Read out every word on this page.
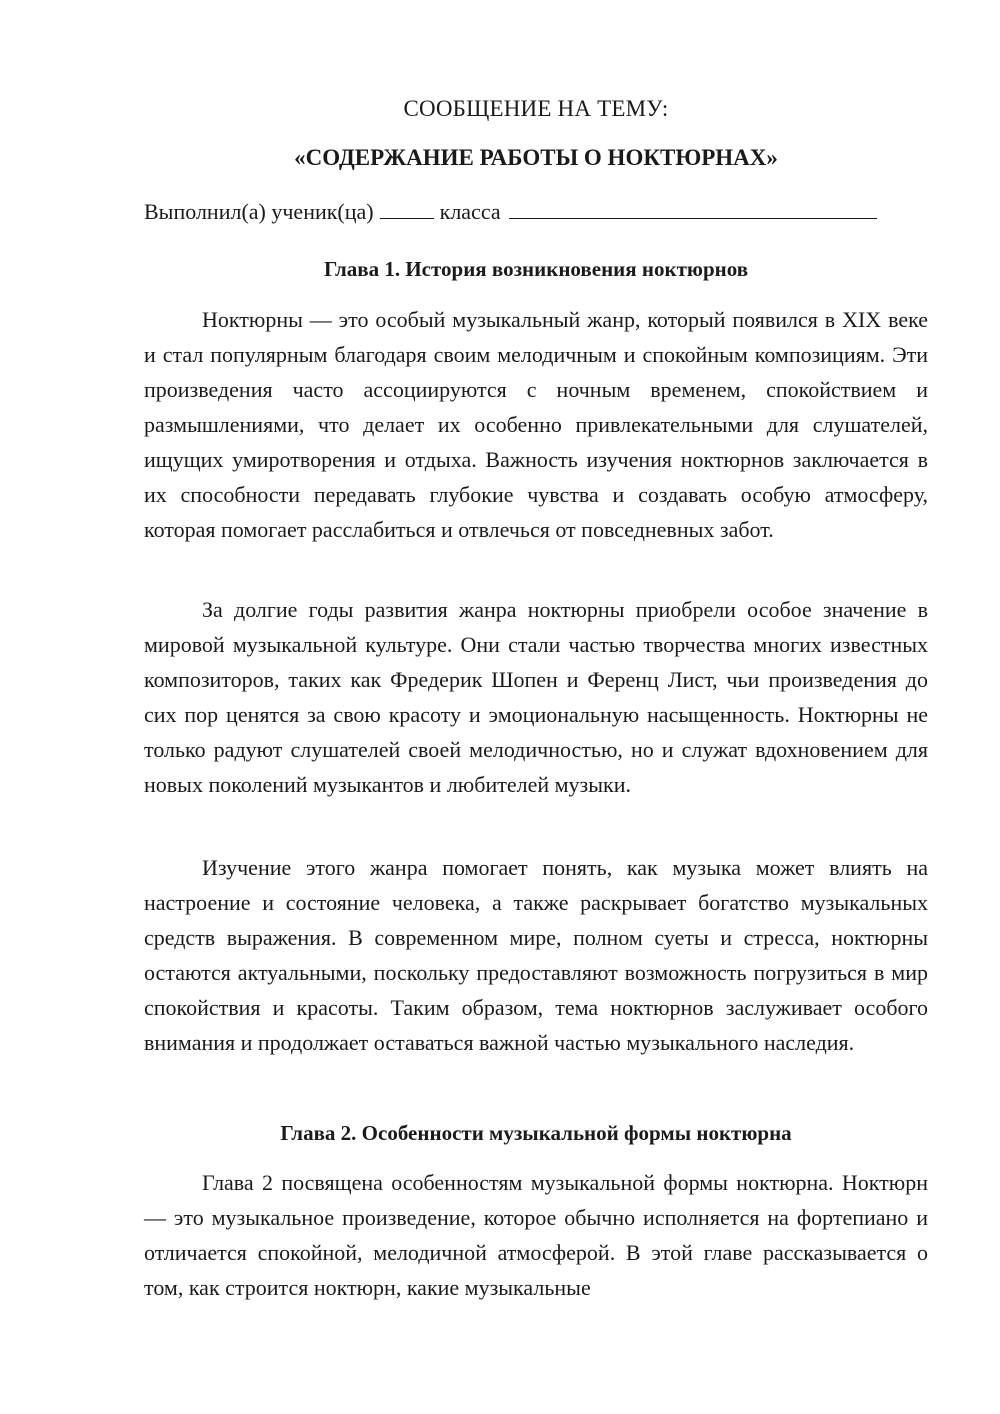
СООБЩЕНИЕ НА ТЕМУ:
«СОДЕРЖАНИЕ РАБОТЫ О НОКТЮРНАХ»
Выполнил(а) ученик(ца)	класса
Глава 1. История возникновения ноктюрнов

Ноктюрны — это особый музыкальный жанр, который появился в XIX веке и стал популярным благодаря своим мелодичным и спокойным композициям. Эти произведения часто ассоциируются с ночным временем, спокойствием и размышлениями, что делает их особенно привлекательными для слушателей, ищущих умиротворения и отдыха. Важность изучения ноктюрнов заключается в их способности передавать глубокие чувства и создавать особую атмосферу, которая помогает расслабиться и отвлечься от повседневных забот.

За долгие годы развития жанра ноктюрны приобрели особое значение в мировой музыкальной культуре. Они стали частью творчества многих известных композиторов, таких как Фредерик Шопен и Ференц Лист, чьи произведения до сих пор ценятся за свою красоту и эмоциональную насыщенность. Ноктюрны не только радуют слушателей своей мелодичностью, но и служат вдохновением для новых поколений музыкантов и любителей музыки.

Изучение этого жанра помогает понять, как музыка может влиять на настроение и состояние человека, а также раскрывает богатство музыкальных средств выражения. В современном мире, полном суеты и стресса, ноктюрны остаются актуальными, поскольку предоставляют возможность погрузиться в мир спокойствия и красоты. Таким образом, тема ноктюрнов заслуживает особого внимания и продолжает оставаться важной частью музыкального наследия.

Глава 2. Особенности музыкальной формы ноктюрна

Глава 2 посвящена особенностям музыкальной формы ноктюрна. Ноктюрн — это музыкальное произведение, которое обычно исполняется на фортепиано и отличается спокойной, мелодичной атмосферой. В этой главе рассказывается о том, как строится ноктюрн, какие музыкальные
